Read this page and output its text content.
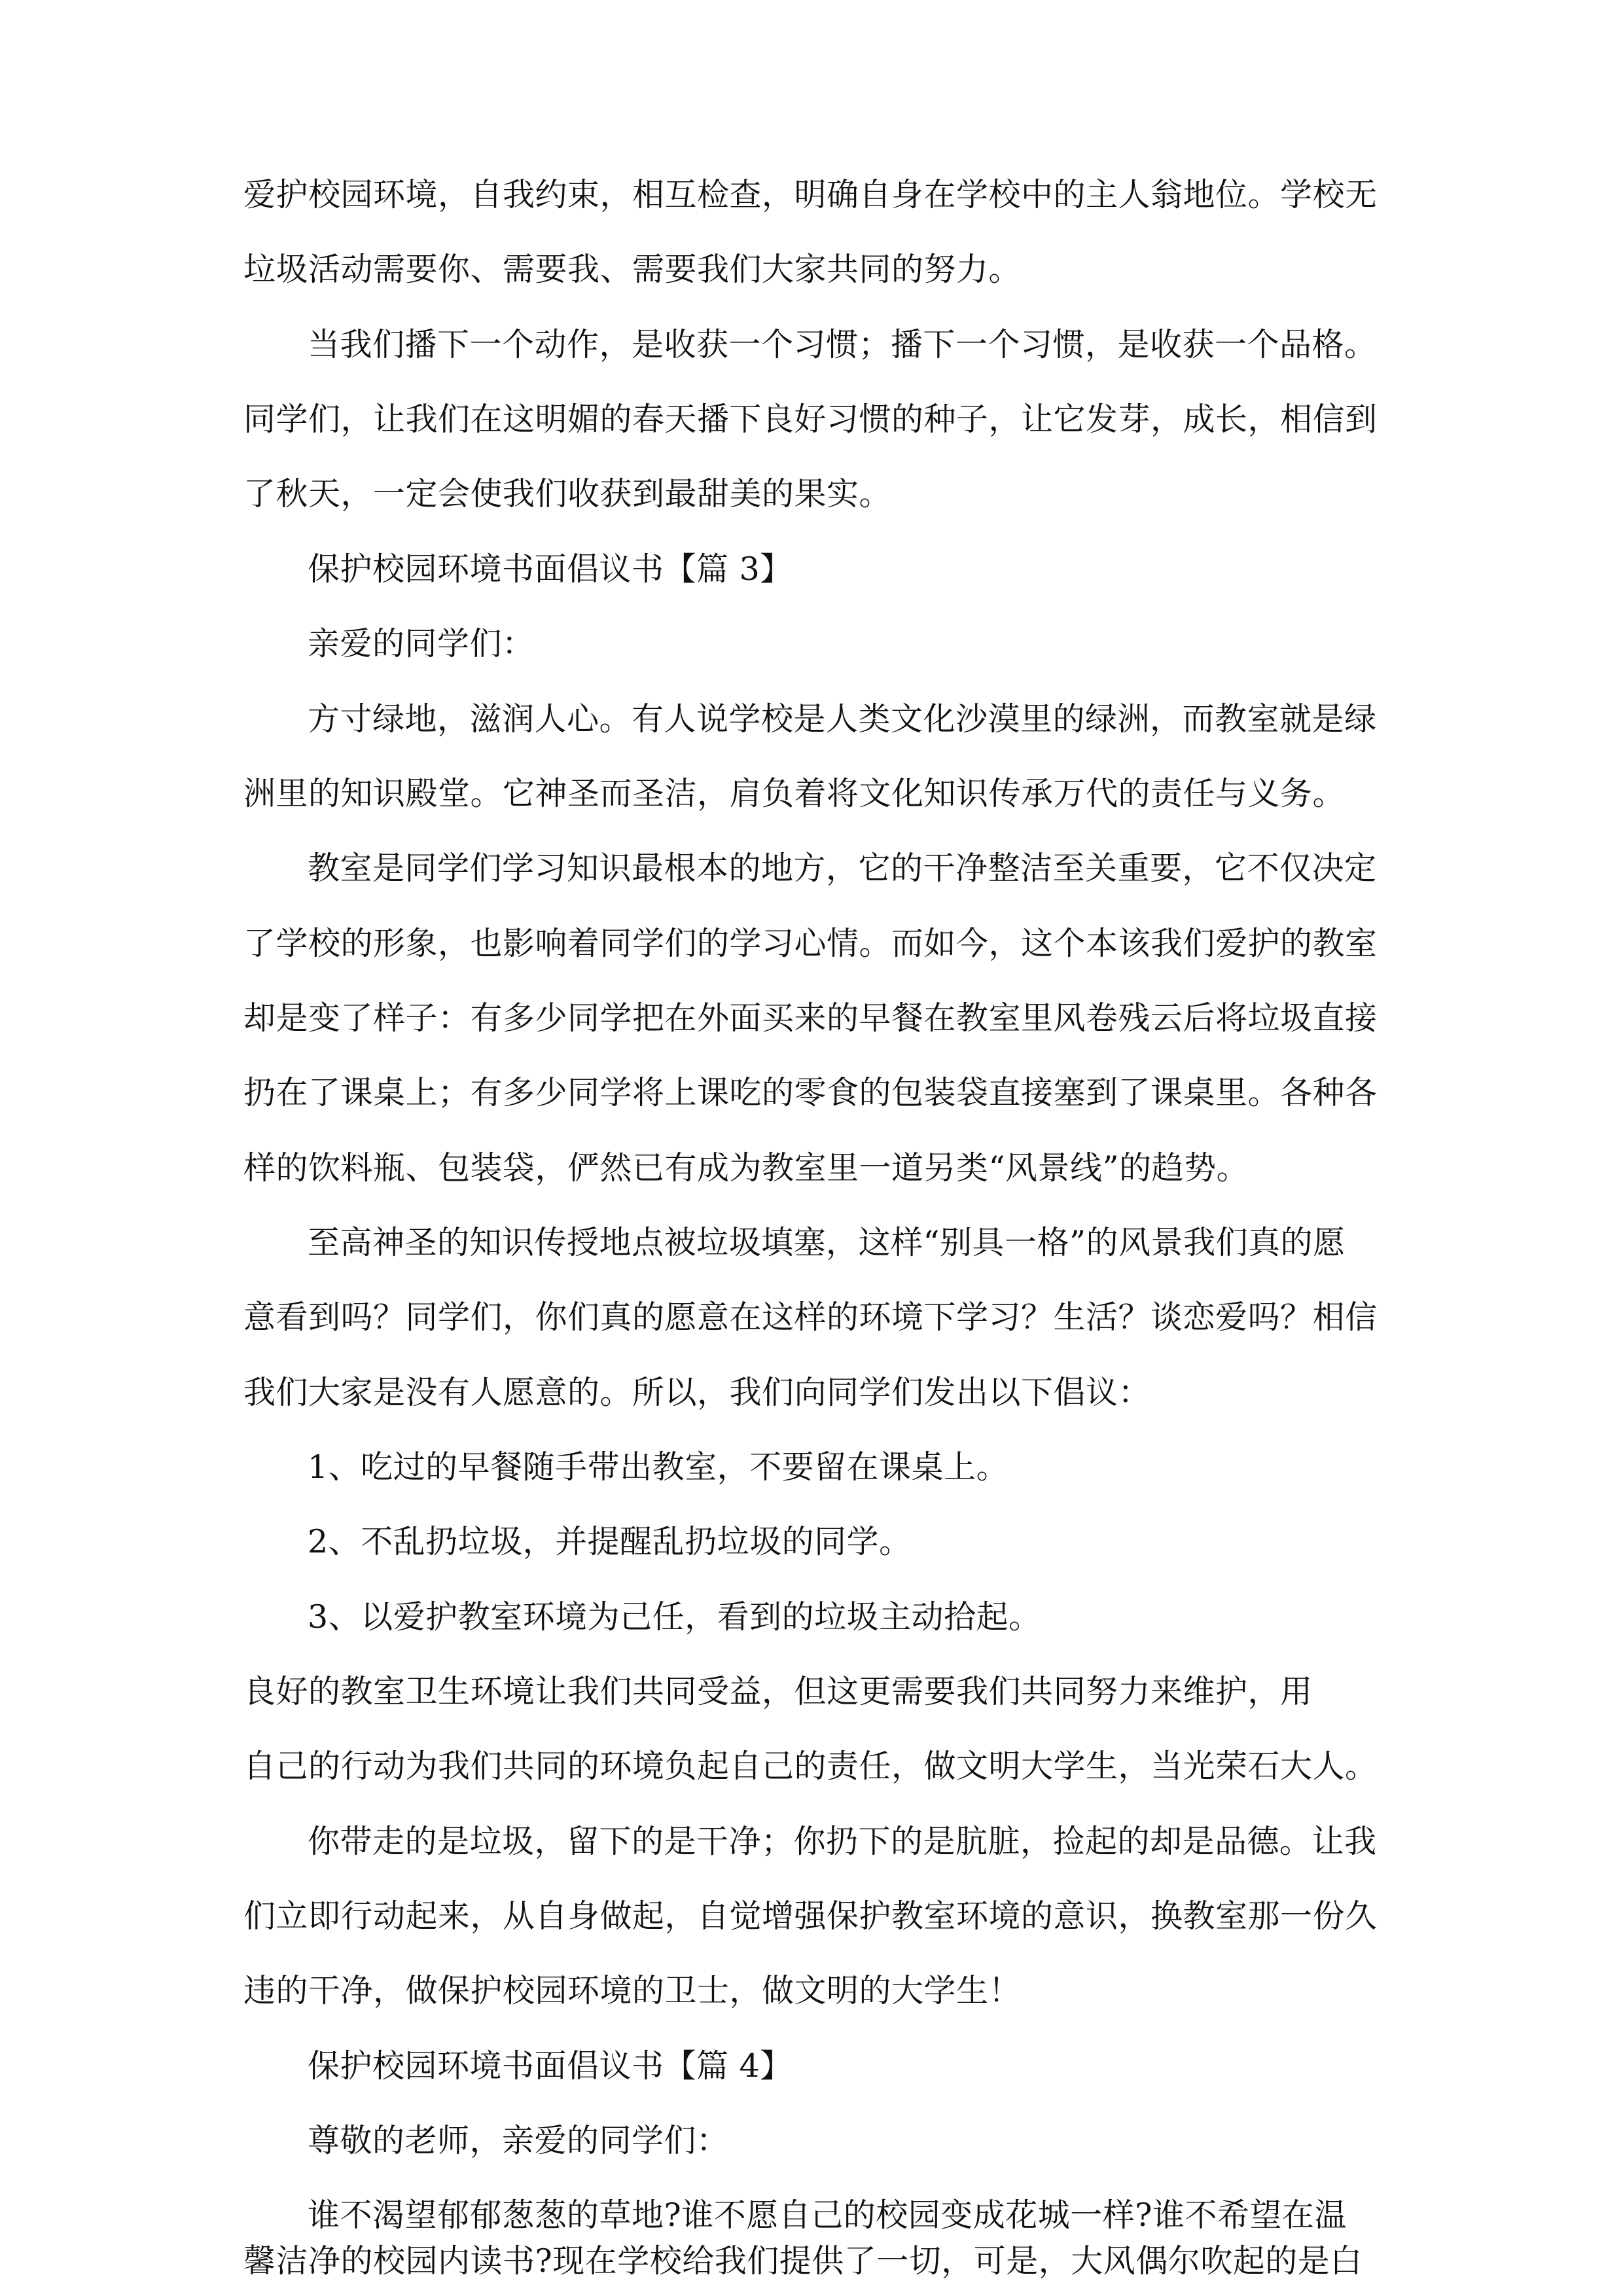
爱护校园环境，自我约束，相互检查，明确自身在学校中的主人翁地位。学校无
垃圾活动需要你、需要我、需要我们大家共同的努力。
当我们播下一个动作，是收获一个习惯；播下一个习惯，是收获一个品格。
同学们，让我们在这明媚的春天播下良好习惯的种子，让它发芽，成长，相信到
了秋天，一定会使我们收获到最甜美的果实。
保护校园环境书面倡议书【篇 3】
亲爱的同学们：
方寸绿地，滋润人心。有人说学校是人类文化沙漠里的绿洲，而教室就是绿
洲里的知识殿堂。它神圣而圣洁，肩负着将文化知识传承万代的责任与义务。
教室是同学们学习知识最根本的地方，它的干净整洁至关重要，它不仅决定
了学校的形象，也影响着同学们的学习心情。而如今，这个本该我们爱护的教室
却是变了样子：有多少同学把在外面买来的早餐在教室里风卷残云后将垃圾直接
扔在了课桌上；有多少同学将上课吃的零食的包装袋直接塞到了课桌里。各种各
样的饮料瓶、包装袋，俨然已有成为教室里一道另类“风景线”的趋势。
至高神圣的知识传授地点被垃圾填塞，这样“别具一格”的风景我们真的愿
意看到吗？同学们，你们真的愿意在这样的环境下学习？生活？谈恋爱吗？相信
我们大家是没有人愿意的。所以，我们向同学们发出以下倡议：
1、吃过的早餐随手带出教室，不要留在课桌上。
2、不乱扔垃圾，并提醒乱扔垃圾的同学。
3、以爱护教室环境为己任，看到的垃圾主动拾起。
良好的教室卫生环境让我们共同受益，但这更需要我们共同努力来维护，用
自己的行动为我们共同的环境负起自己的责任，做文明大学生，当光荣石大人。
你带走的是垃圾，留下的是干净；你扔下的是肮脏，捡起的却是品德。让我
们立即行动起来，从自身做起，自觉增强保护教室环境的意识，换教室那一份久
违的干净，做保护校园环境的卫士，做文明的大学生！
保护校园环境书面倡议书【篇 4】
尊敬的老师，亲爱的同学们：
谁不渴望郁郁葱葱的草地?谁不愿自己的校园变成花城一样?谁不希望在温
馨洁净的校园内读书?现在学校给我们提供了一切，可是，大风偶尔吹起的是白
